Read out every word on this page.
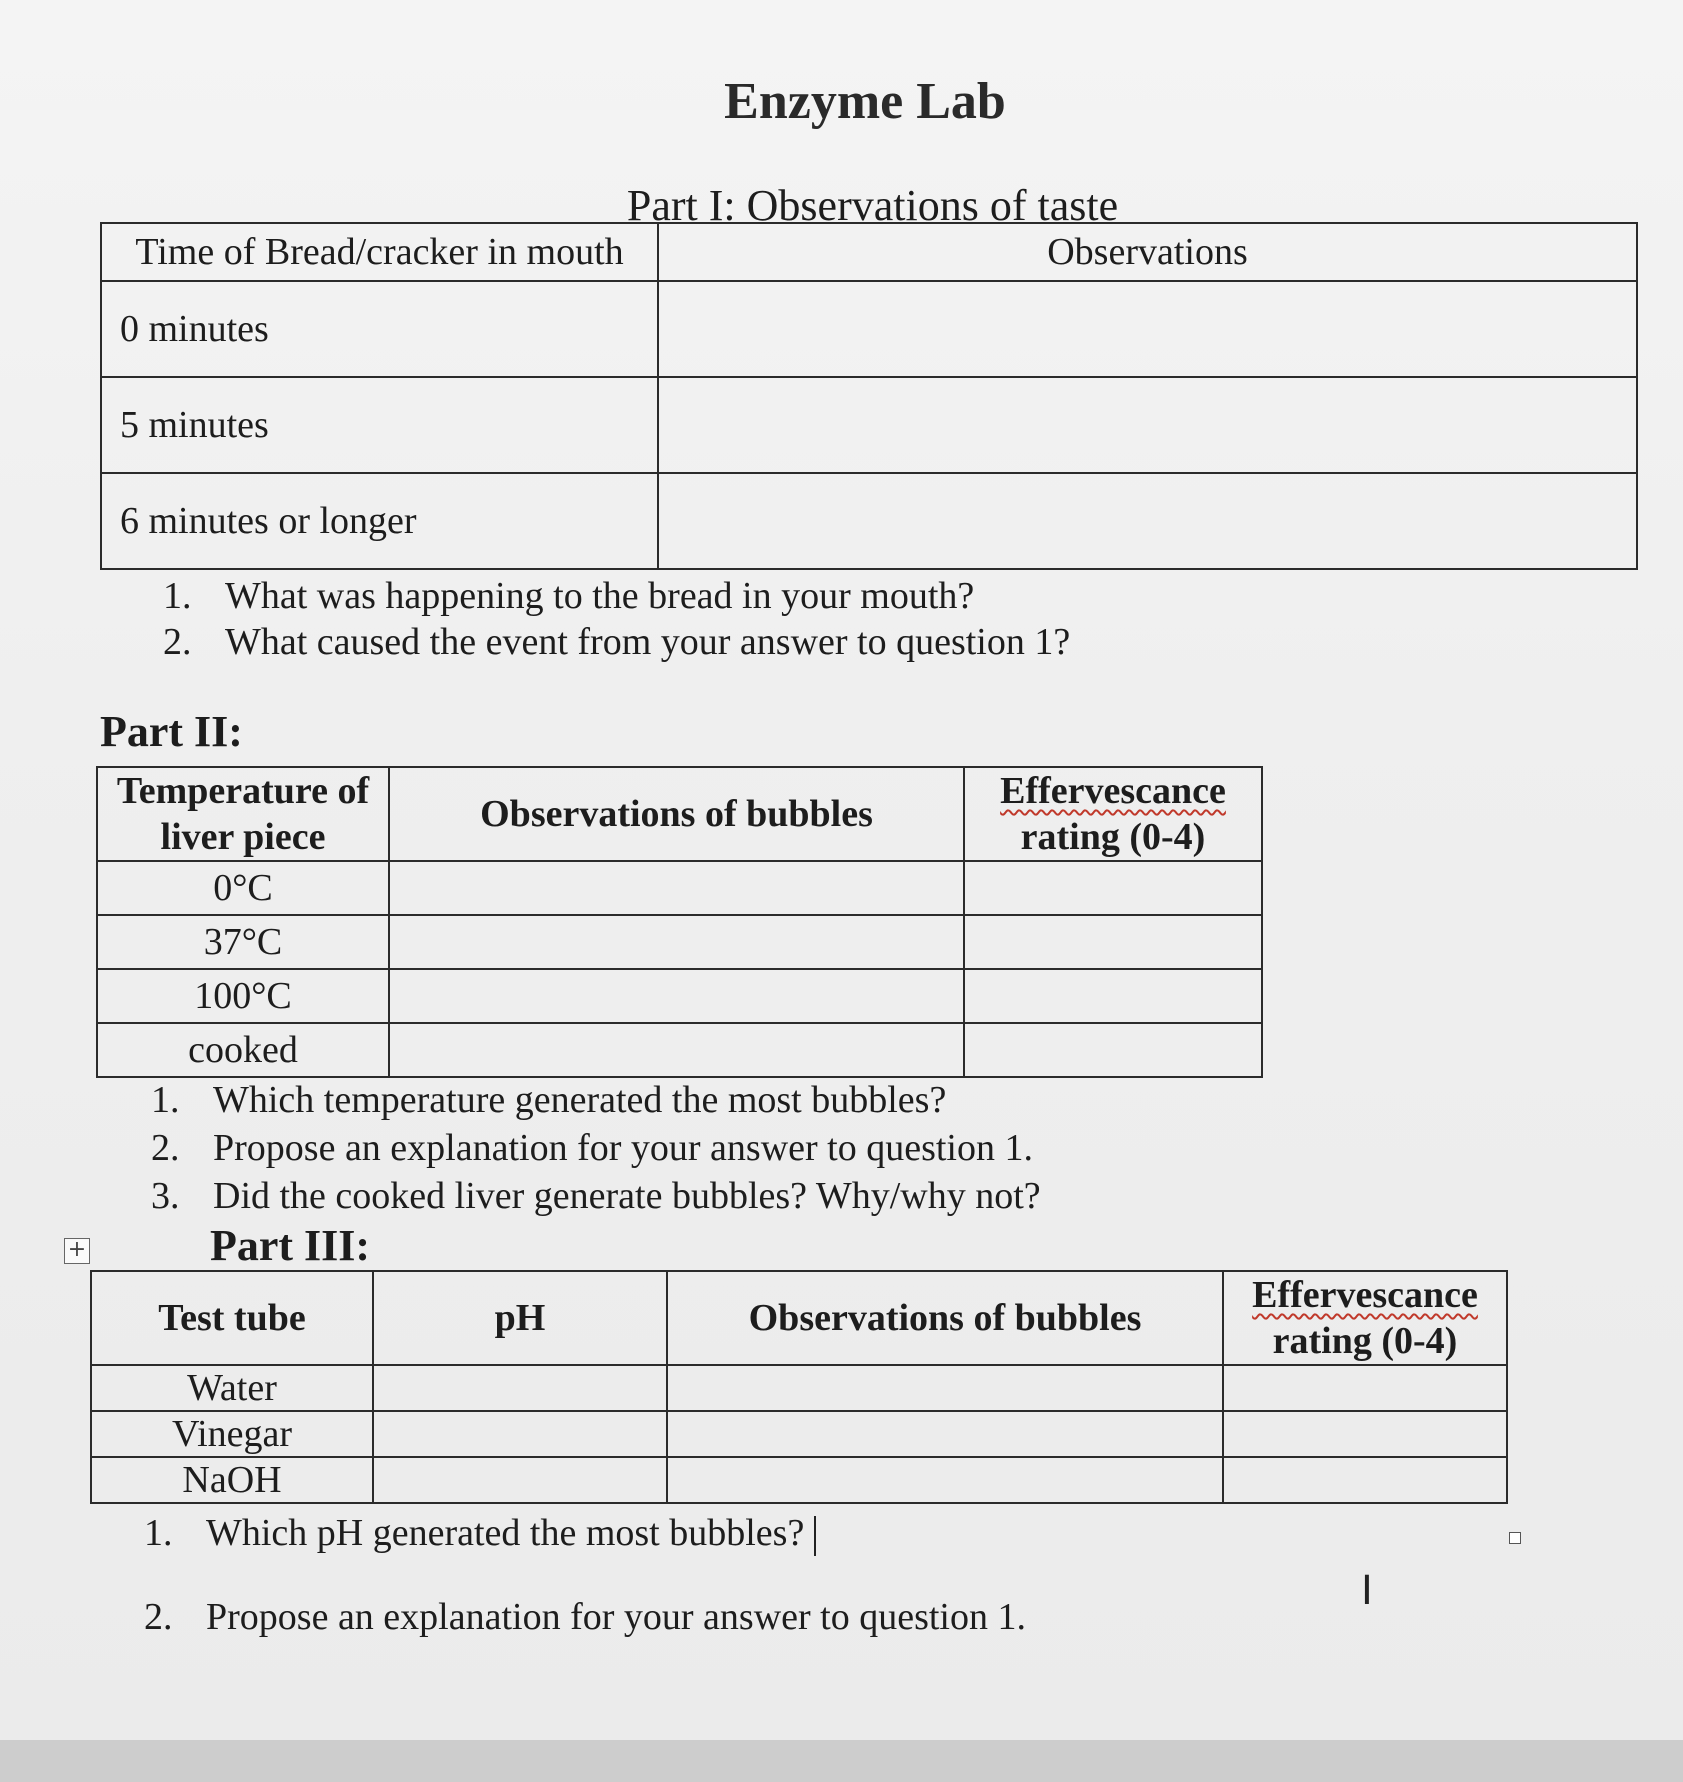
Enzyme Lab
Part I: Observations of taste
Time of Bread/cracker in mouth	Observations
0 minutes	
5 minutes	
6 minutes or longer	
1. What was happening to the bread in your mouth?
2. What caused the event from your answer to question 1?
Part II:
Temperature of liver piece	Observations of bubbles	Effervescance
rating (0-4)
0°C		
37°C		
100°C		
cooked		
1. Which temperature generated the most bubbles?
2. Propose an explanation for your answer to question 1.
3. Did the cooked liver generate bubbles? Why/why not?
+	Part III:
Test tube	pH	Observations of bubbles	Effervescance
rating (0-4)
Water			
Vinegar			
NaOH			
1. Which pH generated the most bubbles?
2. Propose an explanation for your answer to question 1.
I
